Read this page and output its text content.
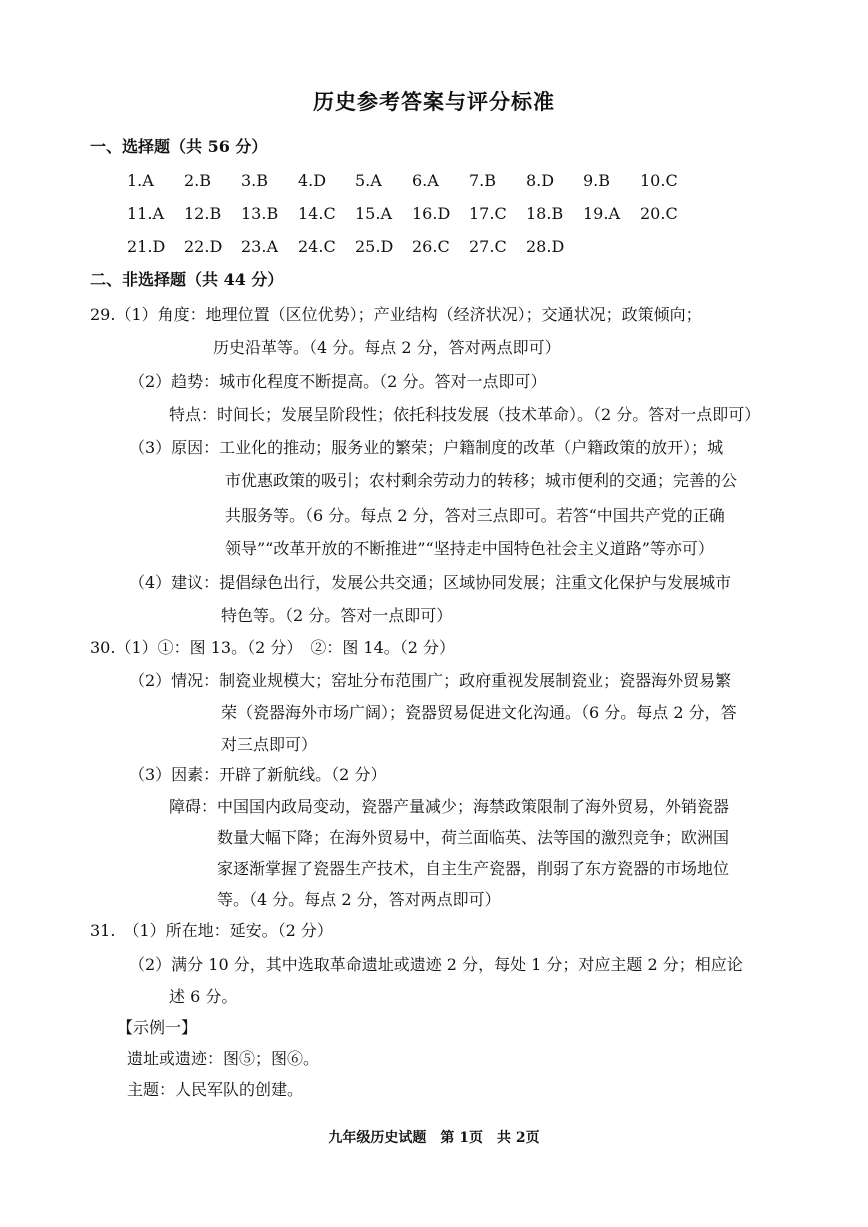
历史参考答案与评分标准
一、选择题（共 56 分）
1.A 2.B 3.B 4.D 5.A 6.A 7.B 8.D 9.B 10.C
11.A 12.B 13.B 14.C 15.A 16.D 17.C 18.B 19.A 20.C
21.D 22.D 23.A 24.C 25.D 26.C 27.C 28.D
二、非选择题（共 44 分）
29.（1）角度：地理位置（区位优势）；产业结构（经济状况）；交通状况；政策倾向；
历史沿革等。（4 分。每点 2 分，答对两点即可）
（2）趋势：城市化程度不断提高。（2 分。答对一点即可）
特点：时间长；发展呈阶段性；依托科技发展（技术革命）。（2 分。答对一点即可）
（3）原因：工业化的推动；服务业的繁荣；户籍制度的改革（户籍政策的放开）；城
市优惠政策的吸引；农村剩余劳动力的转移；城市便利的交通；完善的公
共服务等。（6 分。每点 2 分，答对三点即可。若答“中国共产党的正确
领导”“改革开放的不断推进”“坚持走中国特色社会主义道路”等亦可）
（4）建议：提倡绿色出行，发展公共交通；区域协同发展；注重文化保护与发展城市
特色等。（2 分。答对一点即可）
30.（1）①：图 13。（2 分）　②：图 14。（2 分）
（2）情况：制瓷业规模大；窑址分布范围广；政府重视发展制瓷业；瓷器海外贸易繁
荣（瓷器海外市场广阔）；瓷器贸易促进文化沟通。（6 分。每点 2 分，答
对三点即可）
（3）因素：开辟了新航线。（2 分）
障碍：中国国内政局变动，瓷器产量减少；海禁政策限制了海外贸易，外销瓷器
数量大幅下降；在海外贸易中，荷兰面临英、法等国的激烈竞争；欧洲国
家逐渐掌握了瓷器生产技术，自主生产瓷器，削弱了东方瓷器的市场地位
等。（4 分。每点 2 分，答对两点即可）
31.　（1）所在地：延安。（2 分）
（2）满分 10 分，其中选取革命遗址或遗迹 2 分，每处 1 分；对应主题 2 分；相应论
述 6 分。
【示例一】
遗址或遗迹：图⑤；图⑥。
主题：人民军队的创建。
九年级历史试题　第 1页　共 2页
